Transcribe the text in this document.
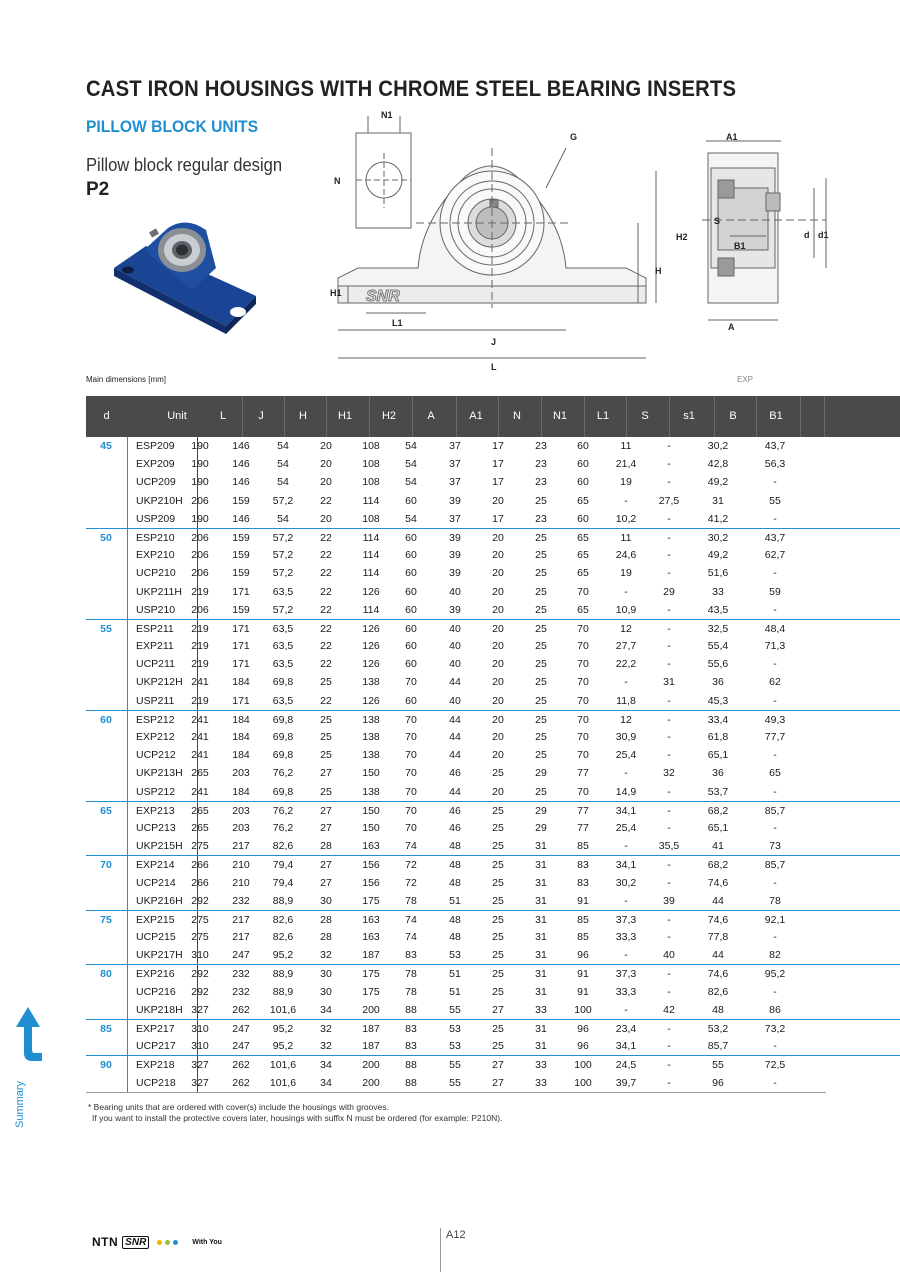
CAST IRON HOUSINGS WITH CHROME STEEL BEARING INSERTS
PILLOW BLOCK UNITS
Pillow block regular design
P2
N1
N
H1
L1
J
L
G
H2
H
A1
S
B1
d d1
A
SNR
Main dimensions [mm]	EXP
d	Unit	L	J	H	H1	H2	A	A1	N	N1	L1	S	s1	B	B1
45	ESP209	190	146	54	20	108	54	37	17	23	60	11	-	30,2	43,7
EXP209	190	146	54	20	108	54	37	17	23	60	21,4	-	42,8	56,3
UCP209	190	146	54	20	108	54	37	17	23	60	19	-	49,2	-
UKP210H 206	159	57,2	22	114	60	39	20	25	65	-	27,5	31	55
USP209	190	146	54	20	108	54	37	17	23	60	10,2	-	41,2	-
50	ESP210	206	159	57,2	22	114	60	39	20	25	65	11	-	30,2	43,7
EXP210	206	159	57,2	22	114	60	39	20	25	65	24,6	-	49,2	62,7
UCP210	206	159	57,2	22	114	60	39	20	25	65	19	-	51,6	-
UKP211H 219	171	63,5	22	126	60	40	20	25	70	-	29	33	59
USP210	206	159	57,2	22	114	60	39	20	25	65	10,9	-	43,5	-
55	ESP211	219	171	63,5	22	126	60	40	20	25	70	12	-	32,5	48,4
EXP211	219	171	63,5	22	126	60	40	20	25	70	27,7	-	55,4	71,3
UCP211	219	171	63,5	22	126	60	40	20	25	70	22,2	-	55,6	-
UKP212H 241	184	69,8	25	138	70	44	20	25	70	-	31	36	62
USP211	219	171	63,5	22	126	60	40	20	25	70	11,8	-	45,3	-
60	ESP212	241	184	69,8	25	138	70	44	20	25	70	12	-	33,4	49,3
EXP212	241	184	69,8	25	138	70	44	20	25	70	30,9	-	61,8	77,7
UCP212	241	184	69,8	25	138	70	44	20	25	70	25,4	-	65,1	-
UKP213H 265	203	76,2	27	150	70	46	25	29	77	-	32	36	65
USP212	241	184	69,8	25	138	70	44	20	25	70	14,9	-	53,7	-
65	EXP213	265	203	76,2	27	150	70	46	25	29	77	34,1	-	68,2	85,7
UCP213	265	203	76,2	27	150	70	46	25	29	77	25,4	-	65,1	-
UKP215H 275	217	82,6	28	163	74	48	25	31	85	-	35,5	41	73
70	EXP214	266	210	79,4	27	156	72	48	25	31	83	34,1	-	68,2	85,7
UCP214	266	210	79,4	27	156	72	48	25	31	83	30,2	-	74,6	-
UKP216H 292	232	88,9	30	175	78	51	25	31	91	-	39	44	78
75	EXP215	275	217	82,6	28	163	74	48	25	31	85	37,3	-	74,6	92,1
UCP215	275	217	82,6	28	163	74	48	25	31	85	33,3	-	77,8	-
UKP217H 310	247	95,2	32	187	83	53	25	31	96	-	40	44	82
80	EXP216	292	232	88,9	30	175	78	51	25	31	91	37,3	-	74,6	95,2
UCP216	292	232	88,9	30	175	78	51	25	31	91	33,3	-	82,6	-
UKP218H 327	262	101,6	34	200	88	55	27	33	100	-	42	48	86
85	EXP217	310	247	95,2	32	187	83	53	25	31	96	23,4	-	53,2	73,2
UCP217	310	247	95,2	32	187	83	53	25	31	96	34,1	-	85,7	-
90	EXP218	327	262	101,6	34	200	88	55	27	33	100	24,5	-	55	72,5
UCP218	327	262	101,6	34	200	88	55	27	33	100	39,7	-	96	-
* Bearing units that are ordered with cover(s) include the housings with grooves.
If you want to install the protective covers later, housings with suffix N must be ordered (for example: P210N).
Summary
NTN SNR	With You
A12
